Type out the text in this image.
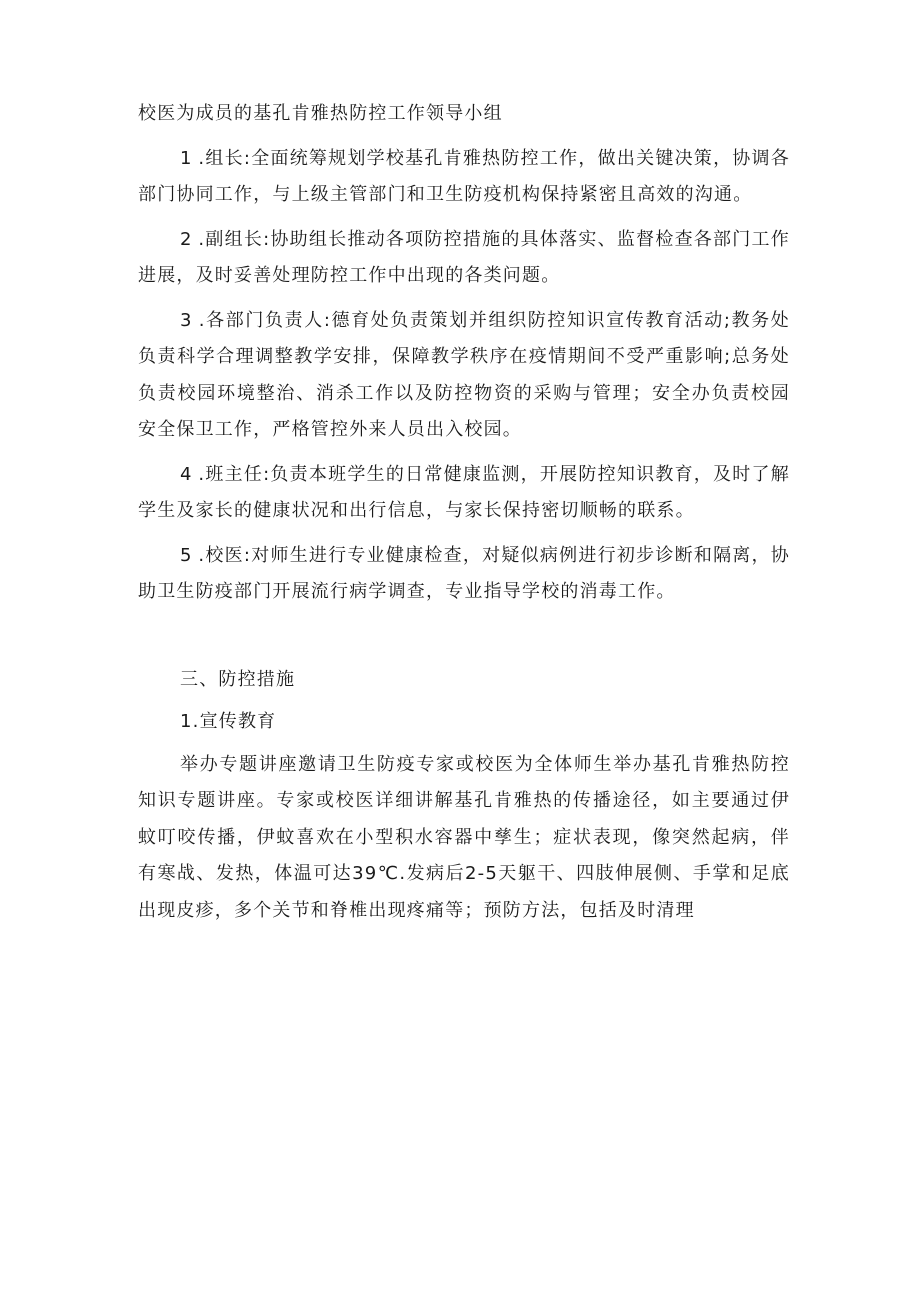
校医为成员的基孔肯雅热防控工作领导小组

1 .组长:全面统筹规划学校基孔肯雅热防控工作，做出关键决策，协调各部门协同工作，与上级主管部门和卫生防疫机构保持紧密且高效的沟通。

2 .副组长:协助组长推动各项防控措施的具体落实、监督检查各部门工作进展，及时妥善处理防控工作中出现的各类问题。

3 .各部门负责人:德育处负责策划并组织防控知识宣传教育活动;教务处负责科学合理调整教学安排，保障教学秩序在疫情期间不受严重影响;总务处负责校园环境整治、消杀工作以及防控物资的采购与管理；安全办负责校园安全保卫工作，严格管控外来人员出入校园。

4 .班主任:负责本班学生的日常健康监测，开展防控知识教育，及时了解学生及家长的健康状况和出行信息，与家长保持密切顺畅的联系。

5 .校医:对师生进行专业健康检查，对疑似病例进行初步诊断和隔离，协助卫生防疫部门开展流行病学调查，专业指导学校的消毒工作。

三、防控措施

1.宣传教育

举办专题讲座邀请卫生防疫专家或校医为全体师生举办基孔肯雅热防控知识专题讲座。专家或校医详细讲解基孔肯雅热的传播途径，如主要通过伊蚊叮咬传播，伊蚊喜欢在小型积水容器中孳生；症状表现，像突然起病，伴有寒战、发热，体温可达39℃.发病后2-5天躯干、四肢伸展侧、手掌和足底出现皮疹，多个关节和脊椎出现疼痛等；预防方法，包括及时清理
